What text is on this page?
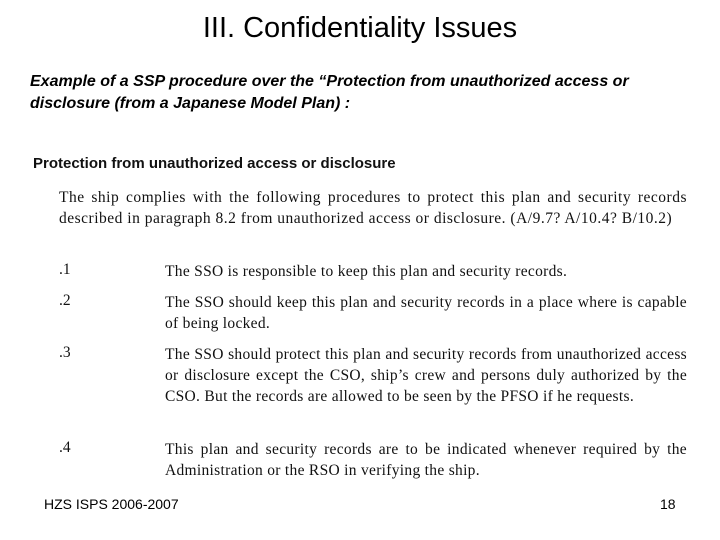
III. Confidentiality Issues
Example of a SSP procedure over the “Protection from unauthorized access or disclosure (from a Japanese Model Plan) :
Protection from unauthorized access or disclosure
The ship complies with the following procedures to protect this plan and security records described in paragraph 8.2 from unauthorized access or disclosure. (A/9.7? A/10.4? B/10.2)
.1	The SSO is responsible to keep this plan and security records.
.2	The SSO should keep this plan and security records in a place where is capable of being locked.
.3	The SSO should protect this plan and security records from unauthorized access or disclosure except the CSO, ship’s crew and persons duly authorized by the CSO. But the records are allowed to be seen by the PFSO if he requests.
.4	This plan and security records are to be indicated whenever required by the Administration or the RSO in verifying the ship.
HZS ISPS 2006-2007	18
